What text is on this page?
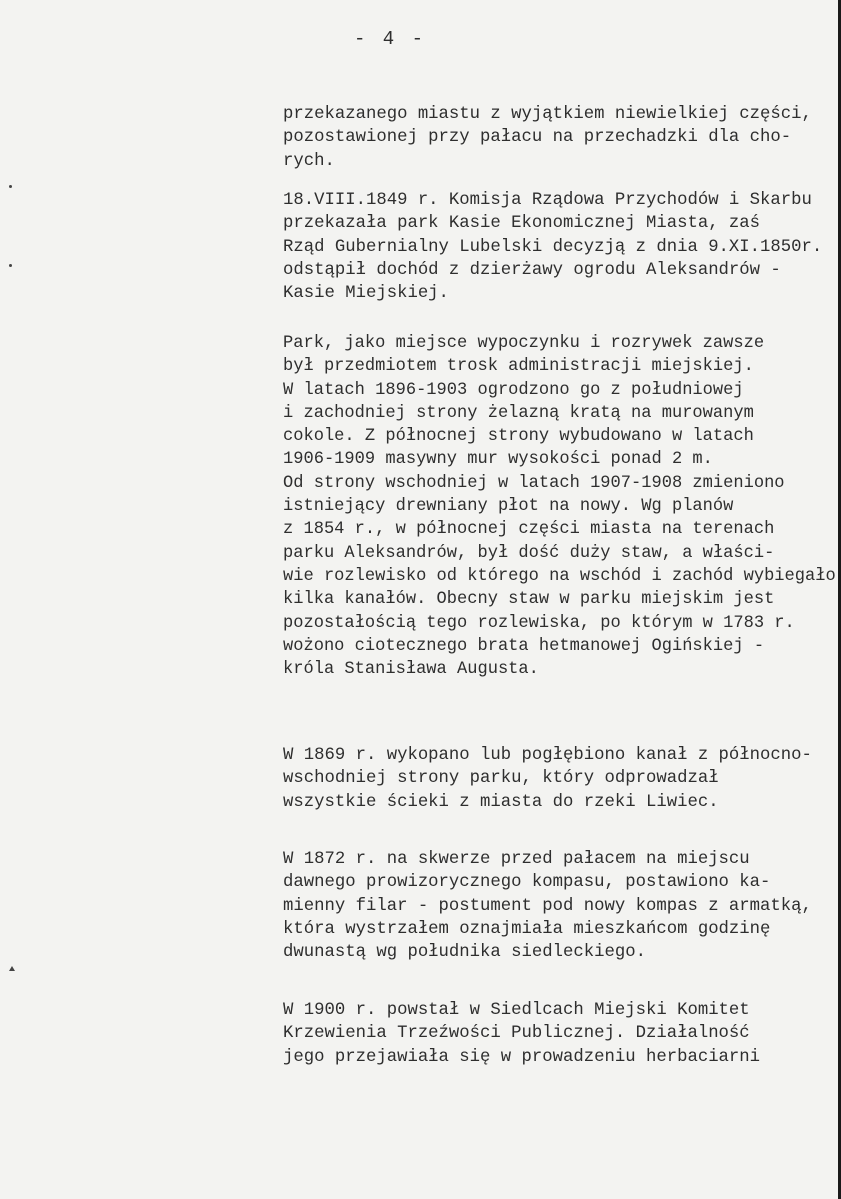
- 4 -
przekazanego miastu z wyjątkiem niewielkiej części,
pozostawionej przy pałacu na przechadzki dla cho-
rych.
18.VIII.1849 r. Komisja Rządowa Przychodów i Skarbu
przekazała park Kasie Ekonomicznej Miasta, zaś
Rząd Gubernialny Lubelski decyzją z dnia 9.XI.1850r.
odstąpił dochód z dzierżawy ogrodu Aleksandrów -
Kasie Miejskiej.
Park, jako miejsce wypoczynku i rozrywek zawsze
był przedmiotem trosk administracji miejskiej.
W latach 1896-1903 ogrodzono go z południowej
i zachodniej strony żelazną kratą na murowanym
cokole. Z północnej strony wybudowano w latach
1906-1909 masywny mur wysokości ponad 2 m.
Od strony wschodniej w latach 1907-1908 zmieniono
istniejący drewniany płot na nowy. Wg planów
z 1854 r., w północnej części miasta na terenach
parku Aleksandrów, był dość duży staw, a właści-
wie rozlewisko od którego na wschód i zachód wybiegało
kilka kanałów. Obecny staw w parku miejskim jest
pozostałością tego rozlewiska, po którym w 1783 r.
wożono ciotecznego brata hetmanowej Ogińskiej -
króla Stanisława Augusta.
W 1869 r. wykopano lub pogłębiono kanał z północno-
wschodniej strony parku, który odprowadzał
wszystkie ścieki z miasta do rzeki Liwiec.
W 1872 r. na skwerze przed pałacem na miejscu
dawnego prowizorycznego kompasu, postawiono ka-
mienny filar - postument pod nowy kompas z armatką,
która wystrzałem oznajmiała mieszkańcom godzinę
dwunastą wg południka siedleckiego.
W 1900 r. powstał w Siedlcach Miejski Komitet
Krzewienia Trzeźwości Publicznej. Działalność
jego przejawiała się w prowadzeniu herbaciarni
